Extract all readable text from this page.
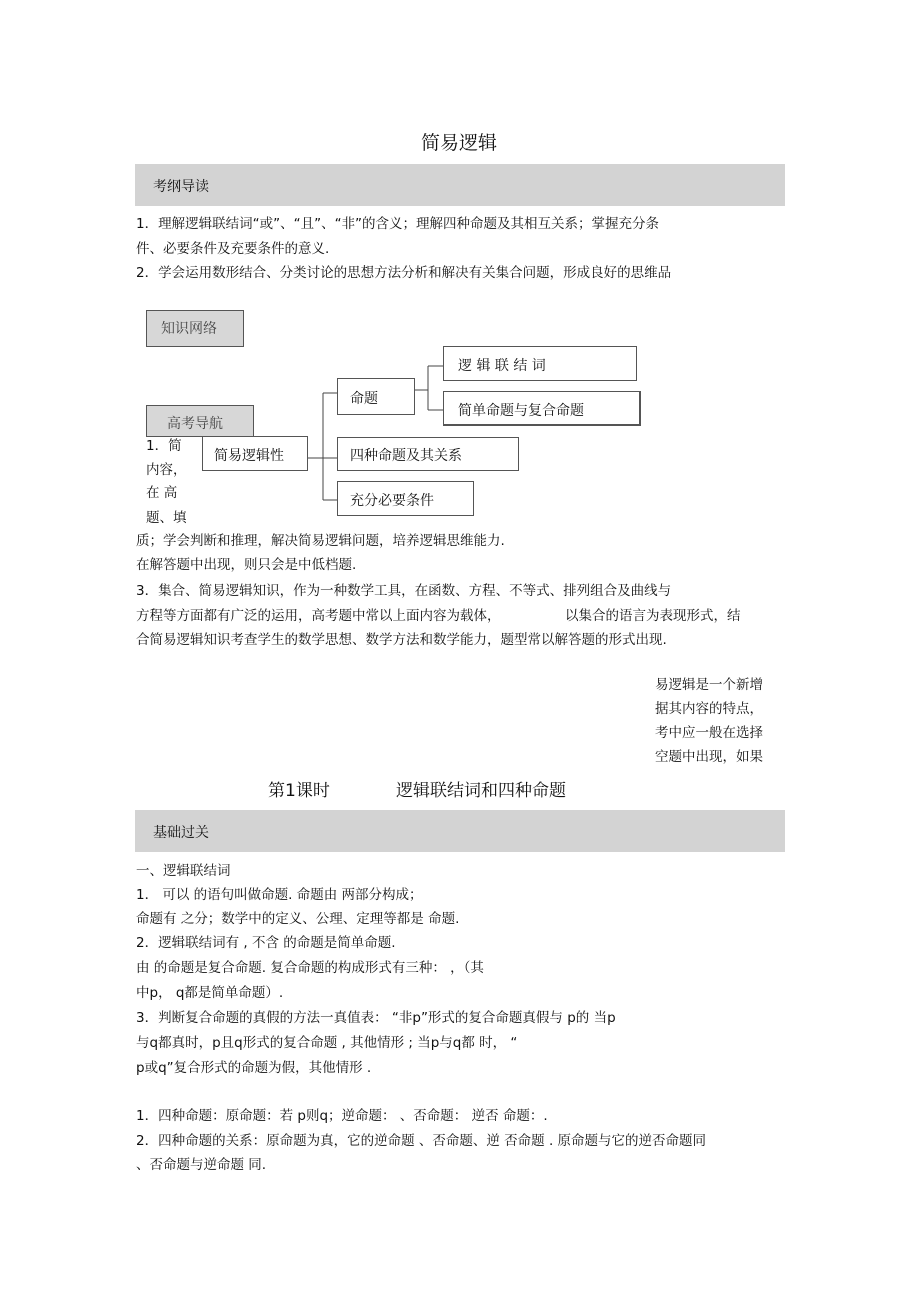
简易逻辑
考纲导读
1．理解逻辑联结词“或”、“且”、“非”的含义；理解四种命题及其相互关系；掌握充分条
件、必要条件及充要条件的意义.
2．学会运用数形结合、分类讨论的思想方法分析和解决有关集合问题，形成良好的思维品
知识网络
逻 辑 联 结 词
简单命题与复合命题
命题
高考导航
简易逻辑性	四种命题及其关系
充分必要条件
1．简
内容，
在 高
题、填
质；学会判断和推理，解决简易逻辑问题，培养逻辑思维能力.
在解答题中出现，则只会是中低档题.
3．集合、简易逻辑知识，作为一种数学工具，在函数、方程、不等式、排列组合及曲线与
方程等方面都有广泛的运用，高考题中常以上面内容为载体，	以集合的语言为表现形式，结
合简易逻辑知识考查学生的数学思想、数学方法和数学能力，题型常以解答题的形式出现.
易逻辑是一个新增
据其内容的特点，
考中应一般在选择
空题中出现，如果
第1课时	逻辑联结词和四种命题
基础过关
一、逻辑联结词
1． 可以 的语句叫做命题. 命题由 两部分构成；
命题有 之分；数学中的定义、公理、定理等都是 命题.
2．逻辑联结词有 , 不含 的命题是简单命题.
由 的命题是复合命题. 复合命题的构成形式有三种： ，（其
中p， q都是简单命题）.
3．判断复合命题的真假的方法一真值表： “非p”形式的复合命题真假与 p的 当p
与q都真时，p且q形式的复合命题 , 其他情形 ; 当p与q都 时， “
p或q”复合形式的命题为假，其他情形 .
1．四种命题：原命题：若 p则q；逆命题： 、否命题： 逆否 命题：.
2．四种命题的关系：原命题为真，它的逆命题 、否命题、逆 否命题 . 原命题与它的逆否命题同
、否命题与逆命题 同.
